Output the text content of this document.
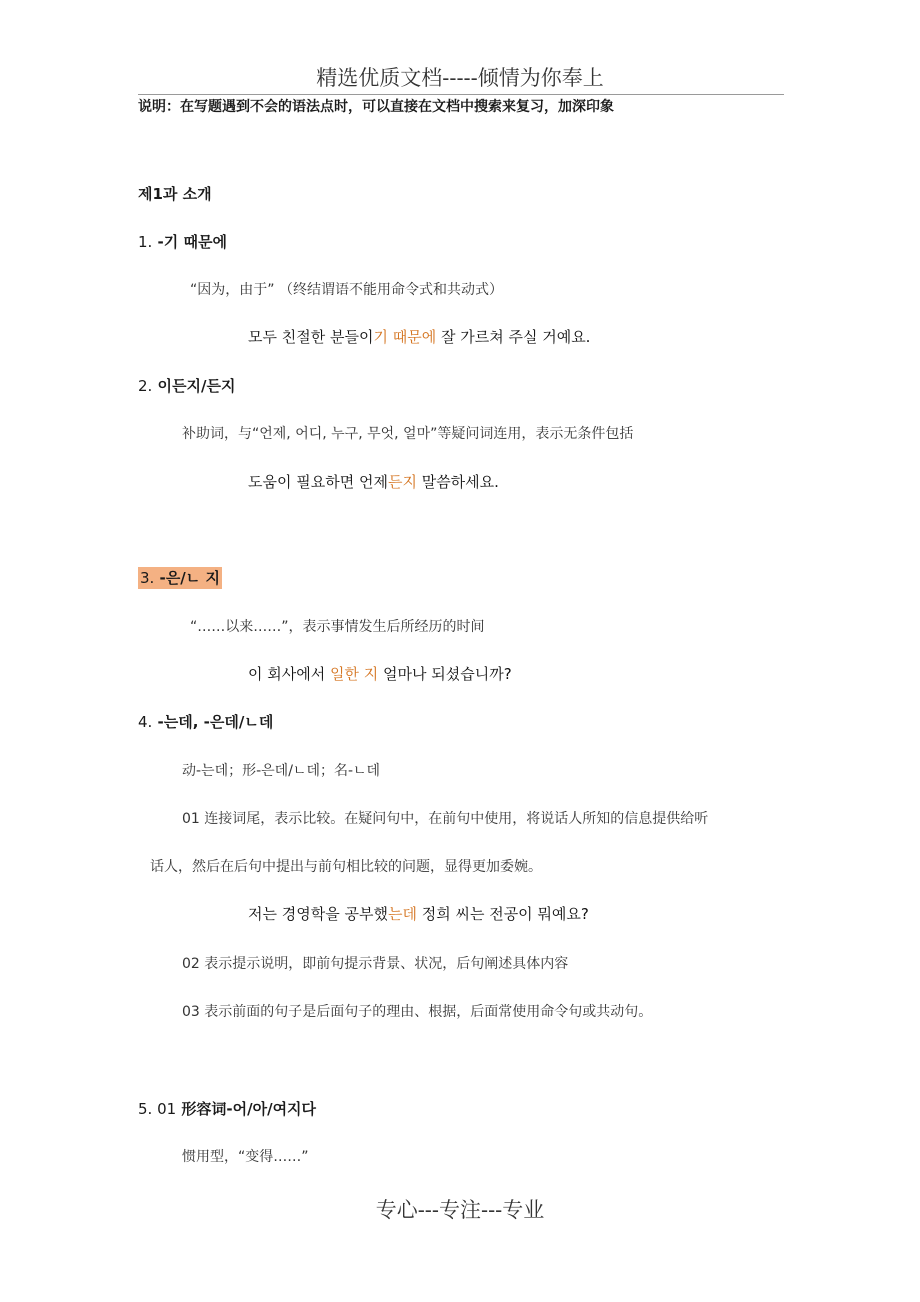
精选优质文档-----倾情为你奉上
说明：在写题遇到不会的语法点时，可以直接在文档中搜索来复习，加深印象
제1과 소개
1. -기 때문에
“因为，由于” （终结谓语不能用命令式和共动式）
모두 친절한 분들이기 때문에 잘 가르쳐 주실 거예요.
2. 이든지/든지
补助词，与“언제, 어디, 누구, 무엇, 얼마”等疑问词连用，表示无条件包括
도움이 필요하면 언제든지 말씀하세요.
3. -은/ㄴ 지
“……以来……”，表示事情发生后所经历的时间
이 회사에서 일한 지 얼마나 되셨습니까?
4. -는데, -은데/ㄴ데
动-는데；形-은데/ㄴ데；名-ㄴ데
01 连接词尾，表示比较。在疑问句中，在前句中使用，将说话人所知的信息提供给听
话人，然后在后句中提出与前句相比较的问题，显得更加委婉。
저는 경영학을 공부했는데 정희 씨는 전공이 뭐예요?
02 表示提示说明，即前句提示背景、状况，后句阐述具体内容
03 表示前面的句子是后面句子的理由、根据，后面常使用命令句或共动句。
5. 01 形容词-어/아/여지다
惯用型，“变得……”
专心---专注---专业
